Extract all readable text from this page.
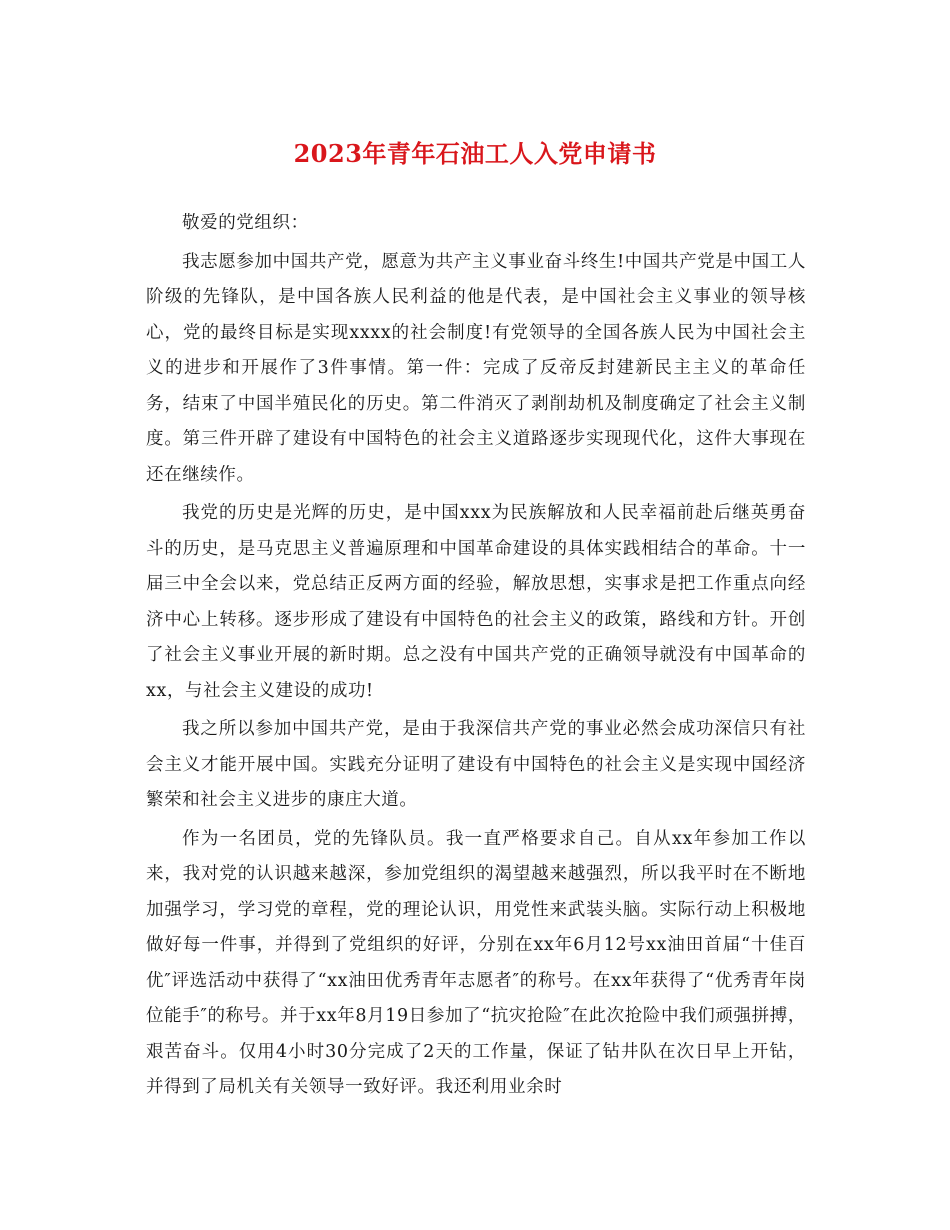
2023年青年石油工人入党申请书

敬爱的党组织：

我志愿参加中国共产党，愿意为共产主义事业奋斗终生!中国共产党是中国工人阶级的先锋队，是中国各族人民利益的他是代表，是中国社会主义事业的领导核心，党的最终目标是实现xxxx的社会制度!有党领导的全国各族人民为中国社会主义的进步和开展作了3件事情。第一件：完成了反帝反封建新民主主义的革命任务，结束了中国半殖民化的历史。第二件消灭了剥削劫机及制度确定了社会主义制度。第三件开辟了建设有中国特色的社会主义道路逐步实现现代化，这件大事现在还在继续作。

我党的历史是光辉的历史，是中国xxx为民族解放和人民幸福前赴后继英勇奋斗的历史，是马克思主义普遍原理和中国革命建设的具体实践相结合的革命。十一届三中全会以来，党总结正反两方面的经验，解放思想，实事求是把工作重点向经济中心上转移。逐步形成了建设有中国特色的社会主义的政策，路线和方针。开创了社会主义事业开展的新时期。总之没有中国共产党的正确领导就没有中国革命的xx，与社会主义建设的成功!

我之所以参加中国共产党，是由于我深信共产党的事业必然会成功深信只有社会主义才能开展中国。实践充分证明了建设有中国特色的社会主义是实现中国经济繁荣和社会主义进步的康庄大道。

作为一名团员，党的先锋队员。我一直严格要求自己。自从xx年参加工作以来，我对党的认识越来越深，参加党组织的渴望越来越强烈，所以我平时在不断地加强学习，学习党的章程，党的理论认识，用党性来武装头脑。实际行动上积极地做好每一件事，并得到了党组织的好评，分别在xx年6月12号xx油田首届“十佳百优″评选活动中获得了“xx油田优秀青年志愿者″的称号。在xx年获得了“优秀青年岗位能手″的称号。并于xx年8月19日参加了“抗灾抢险″在此次抢险中我们顽强拼搏，艰苦奋斗。仅用4小时30分完成了2天的工作量，保证了钻井队在次日早上开钻，并得到了局机关有关领导一致好评。我还利用业余时
